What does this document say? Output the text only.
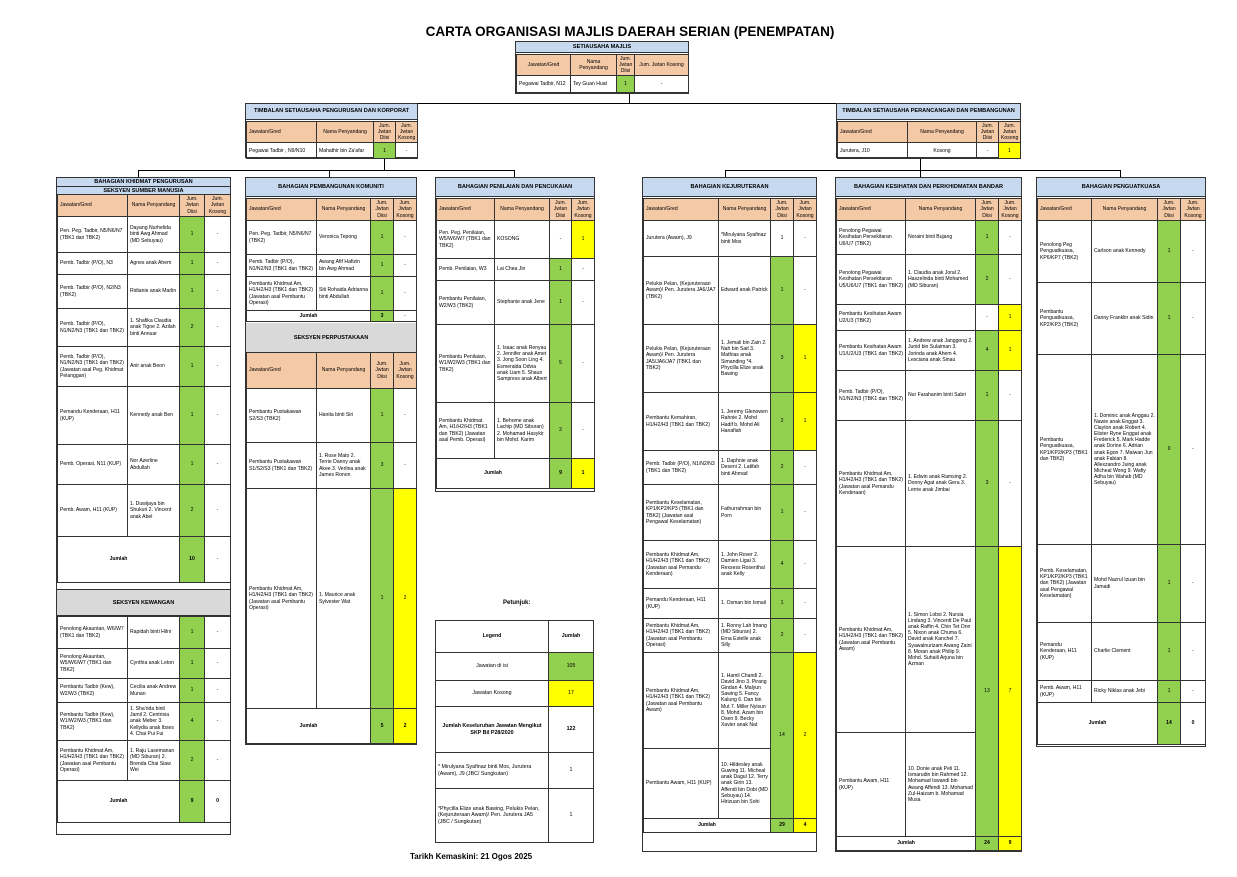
CARTA ORGANISASI MAJLIS DAERAH SERIAN (PENEMPATAN)
Tarikh Kemaskini: 21 Ogos 2025
SETIAUSAHA MAJLIS
Jawatan/Gred	Nama Penyandang	Jum. Jwtan Diisi	Jum. Jwtan Kosong
Pegawai Tadbir, N12	Tey Guan Huat	1	-
TIMBALAN SETIAUSAHA PENGURUSAN DAN KORPORAT
Jawatan/Gred	Nama Penyandang	Jum. Jwtan Diisi	Jum. Jwtan Kosong
Pegawai Tadbir , N9/N10	Mahathir bin Za'afar	1	-
TIMBALAN SETIAUSAHA PERANCANGAN DAN PEMBANGUNAN
Jawatan/Gred	Nama Penyandang	Jum. Jwtan Diisi	Jum. Jwtan Kosong
Jurutera, J10	Kosong	-	1
BAHAGIAN KHIDMAT PENGURUSAN
SEKSYEN SUMBER MANUSIA
Jawatan/Gred	Nama Penyandang	Jum. Jwtan Diisi	Jum. Jwtan Kosong
Pen. Peg. Tadbir, N5/N6/N7 (TBK1 dan TBK2)	Dayang Nurhelida binti Awg Ahmad (MD Sebuyau)	1	-
Pemb. Tadbir (P/O), N3	Agnes anak Ahem	1	-
Pemb. Tadbir (P/O), N2/N3 (TBK2)	Ridianie anak Marlin	1	-
Pemb. Tadbir (P/O), N1/N2/N3 (TBK1 dan TBK2)	1. Shafika Claudia anak Tigoe 2. Azilah binti Annuar	2	-
Pemb. Tadbir (P/O), N1/N2/N3 (TBK1 dan TBK2) (Jawatan asal Peg. Khidmat Pelanggan)	Anir anak Beon	1	-
Pemandu Kenderaan, H11 (KUP)	Kennedy anak Ben	1	-
Pemb. Operasi, N11 (KUP)	Nor Azerline Abdullah	1	-
Pemb. Awam, H11 (KUP)	1. Duwijaya bin Shukuri 2. Vincent anak Abel	2	-
Jumlah		10	-
SEKSYEN KEWANGAN
Penolong Akauntan, W6/W7 (TBK1 dan TBK2)	Rapidah binti Hilni	1	-
Penolong Akauntan, W5/W6/W7 (TBK1 dan TBK2)	Cynthia anak Leton	1	-
Pembantu Tadbir (Kew), W2/W3 (TBK2)	Cecilia anak Andrew Munan	1	-
Pembantu Tadbir (Kew), W1/W2/W3 (TBK1 dan TBK2)	1. Sha'rida binti Jamil 2. Centrisia anak Meber 3. Kellydia anak Ibses 4. Chai Pui Fui	4	-
Pembantu Khidmat Am, H1/H2/H3 (TBK1 dan TBK2) (Jawatan asal Pembantu Operasi)	1. Raju Lasemanan (MD Siburan) 2. Brenda Chai Siaw Wei	2	-
Jumlah		9	0
BAHAGIAN PEMBANGUNAN KOMUNITI
Jawatan/Gred	Nama Penyandang	Jum. Jwtan Diisi	Jum. Jwtan Kosong
Pen. Peg. Tadbir, N5/N6/N7 (TBK2)	Veronica Tepong	1	-
Pemb. Tadbir (P/O), N1/N2/N3 (TBK1 dan TBK2)	Awang Afif Hafizin bin Awg Ahmad	1	-
Pembantu Khidmat Am, H1/H2/H3 (TBK1 dan TBK2) (Jawatan asal Pembantu Operasi)	Siti Rohaida Adrianna binti Abdullah	1	-
Jumlah		3	-
SEKSYEN PERPUSTAKAAN
Jawatan/Gred	Nama Penyandang	Jum. Jwtan Diisi	Jum. Jwtan Kosong
Pembantu Pustakawan S2/S3 (TBK2)	Hanita binti Siri	1	-
Pembantu Pustakawan S1/S2/S3 (TBK1 dan TBK2)	1. Rose Mato 2. Terrie Danny anak Akee 3. Verlina anak James Ronon	3	-
Pembantu Khidmat Am, H1/H2/H3 (TBK1 dan TBK2) (Jawatan asal Pembantu Operasi)	1. Maurice anak Sylvester Wat	1	2
Jumlah		5	2
BAHAGIAN PENILAIAN DAN PENCUKAIAN
Jawatan/Gred	Nama Penyandang	Jum. Jwtan Diisi	Jum. Jwtan Kosong
Pen. Peg. Penilaian, W5/W6/W7 (TBK1 dan TBK2)	KOSONG	-	1
Pemb. Penilaian, W3	Lai Chea Jin	1	-
Pembantu Penilaian, W2/W3 (TBK2)	Stephanie anak Jene	1	-
Pembantu Penilaian, W1/W2/W3 (TBK1 dan TBK2)	1. Isaac anak Renyau 2. Jennifer anak Amet 3. Jong Soon Ling 4. Esmeralda Odvia anak Liam 5. Shaun Sampress anak Albert	5	-
Pembantu Khidmat Am, H1/H2/H3 (TBK1 dan TBK2) (Jawatan asal Pemb. Operasi)	1. Behome anak Lachip (MD Siburan) 2. Mohamad Hasykir bin Mohd. Karim	2	-
Jumlah		9	1
Petunjuk:
Legend	Jumlah
Jawatan di isi	105
Jawatan Kosong	17
Jumlah Keseluruhan Jawatan Mengikut SKP Bil P28/2020	122
* Mirulyana Syafinaz binti Mos, Jurutera (Awam), J9 (JBC/ Sungkutan)	1
*Phycilla Elize anak Bawing, Pelukis Pelan, (Kejuruteraan Awam)/ Pen. Jurutera JA5 (JBC / Sungkutan)	1
BAHAGIAN KEJURUTERAAN
Jawatan/Gred	Nama Penyandang	Jum. Jwtan Diisi	Jum. Jwtan Kosong
Jurutera (Awam), J9	*Mirulyana Syafinaz binti Mos	1	-
Pelukis Pelan, (Kejuruteraan Awam)/ Pen. Jurutera JA6/JA7 (TBK2)	Edward anak Patrick	1	-
Pelukis Pelan, (Kejuruteraan Awam)/ Pen. Jurutera JA5/JA6/JA7 (TBK1 dan TBK2)	1. Jemali bin Zain 2. Nah bin Sait 3. Mathias anak Simanding *4. Phycilla Elize anak Bawing	3	1
Pembantu Kemahiran, H1/H2/H3 (TBK1 dan TBK2)	1. Jeremy Glenowen Rahnie 2. Mohd Hadif b. Mohd Ali Hanafiah	2	1
Pemb. Tadbir (P/O), N1/N2/N3 (TBK1 dan TBK2)	1. Daphnie anak Deseni 2. Latifah binti Ahmad	2	-
Pembantu Keselamatan, KP1/KP2/KP3 (TBK1 dan TBK2) (Jawatan asal Pengawal Keselamatan)	Fathurrahman bin Porn	1	-
Pembantu Khidmat Am, H1/H2/H3 (TBK1 dan TBK2) (Jawatan asal Pemandu Kenderaan)	1. John Rover 2. Damien Ligai 3. Rexsess Rosenthal anak Kelly	4	-
Pemandu Kenderaan, H11 (KUP)	1. Osman bin Ismail	1	-
Pembantu Khidmat Am, H1/H2/H3 (TBK1 dan TBK2) (Jawatan asal Pembantu Operasi)	1. Ronny Lah Imang (MD Siburan) 2. Erna Estelle anak Silly	2	-
Pembantu Khidmat Am, H1/H2/H3 (TBK1 dan TBK2) (Jawatan asal Pembantu Awam)	1. Hamil Chandi 2. David Jino 3. Pirang Gindan 4. Malyun Sawing 5. Fancy Kalung 6. Dan bin Mut 7. Miller Nyisun 8. Mohd. Azam bin Osen 9. Becky Xavier anak Nat	14	2
Pembantu Awam, H11 (KUP)	10. Hildesley anak Guwing 11. Micheal anak Dagul 12. Terry anak Girin 13. Affendi bin Dobi (MD Sebuyau) 14. Hirizuan bin Sohi		
Jumlah		29	4
BAHAGIAN KESIHATAN DAN PERKHIDMATAN BANDAR
Jawatan/Gred	Nama Penyandang	Jum. Jwtan Diisi	Jum. Jwtan Kosong
Penolong Pegawai Kesihatan Persekitaran U6/U7 (TBK2)	Noraini binti Bujang	1	-
Penolong Pegawai Kesihatan Persekitaran U5/U6/U7 (TBK1 dan TBK2)	1. Claudia anak Joral 2. Haszelinda binti Mohamed (MD Siburan)	2	-
Pembantu Kesihatan Awam U2/U3 (TBK2)		-	1
Pembantu Kesihatan Awam U1/U2/U3 (TBK1 dan TBK2)	1. Andrew anak Janggong 2. Junid bin Sulaiman 3. Jorinda anak Ahem 4. Lesciana anak Sinau	4	1
Pemb. Tadbir (P/O), N1/N2/N3 (TBK1 dan TBK2)	Nur Farahanim binti Sabri	1	-
Pembantu Khidmat Am, H1/H2/H3 (TBK1 dan TBK2) (Jawatan asal Pemandu Kenderaan)	1. Edwin anak Ramsing 2. Donny Agat anak Gera 3. Lerrie anak Jimbai	3	-
Pembantu Khidmat Am, H1/H2/H3 (TBK1 dan TBK2) (Jawatan asal Pembantu Awam)	1. Simon Lobsi 2. Nursia Lindang 3. Vincentt De Paul anak Raffin 4. Chin Tet Onn 5. Nixon anak Chuma 6. David anak Kanchel 7. Syawalnurizam Awang Zaini 8. Moran anak Philip 9. Mohd. Suhaili Arjuna bin Azman	13	7
Pembantu Awam, H11 (KUP)	10. Donie anak Peli 11. Ismarudin bin Rahmed 12. Mohamad Iswandi bin Awang Affendi 13. Mohamad Zul-Haizam b. Mohamad Musa		
Jumlah		24	9
BAHAGIAN PENGUATKUASA
Jawatan/Gred	Nama Penyandang	Jum. Jwtan Diisi	Jum. Jwtan Kosong
Penolong Peg Penguatkuasa, KP6/KP7 (TBK2)	Carlson anak Kennedy	1	-
Pembantu Penguatkuasa, KP2/KP3 (TBK2)	Danny Franklin anak Sidin	1	-
Pembantu Penguatkuasa, KP1/KP2/KP3 (TBK1 dan TBK2)	1. Dominic anak Anggau 2. Nawie anak Enggat 3. Clayton anak Robert 4. Elister Ryne Enggat anak Frederick 5. Mark Hadde anak Dorine 6. Adrian anak Egon 7. Maiwan Jun anak Fabian 8. Allexzandro Juing anak Micheal Wong 9. Wafiy Adha bin Wahab (MD Sebuyau)	9	-
Pemb. Keselamatan, KP1/KP2/KP3 (TBK1 dan TBK2) (Jawatan asal Pengawal Keselamatan)	Mohd Nazrul Izuan bin Jamadi	1	-
Pemandu Kenderaan, H11 (KUP)	Charlie Clement	1	-
Pemb. Awam, H11 (KUP)	Ricky Niklas anak Jebi	1	-
Jumlah		14	0
